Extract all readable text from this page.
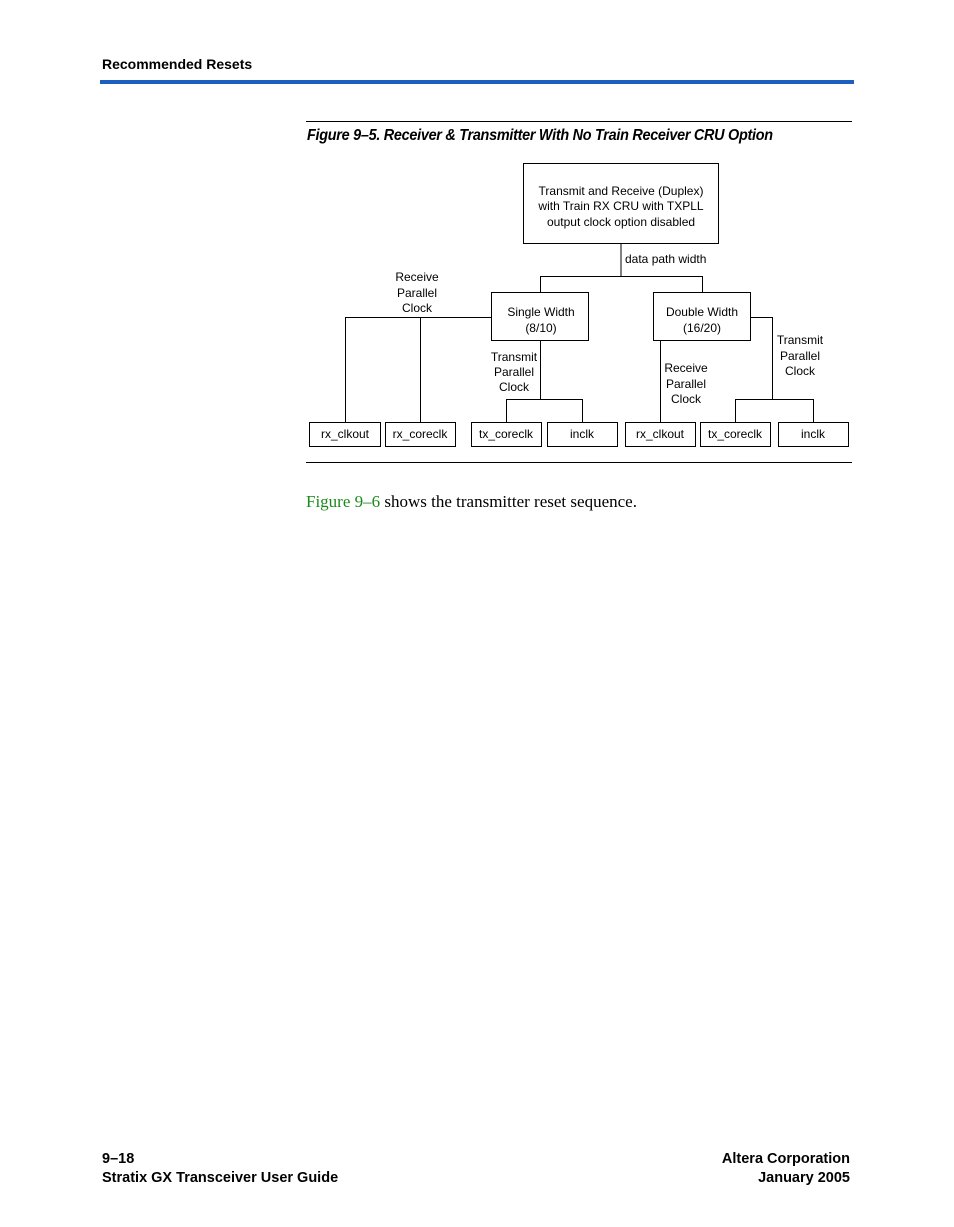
Recommended Resets
Figure 9–5. Receiver & Transmitter With No Train Receiver CRU Option
Transmit and Receive (Duplex)
with Train RX CRU with TXPLL
output clock option disabled
data path width
Single Width
(8/10)
Double Width
(16/20)
Receive
Parallel
Clock
Transmit
Parallel
Clock
Receive
Parallel
Clock
Transmit
Parallel
Clock
rx_clkout rx_coreclk	tx_coreclk	inclk	rx_clkout tx_coreclk	inclk
Figure 9–6 shows the transmitter reset sequence.
9–18
Stratix GX Transceiver User Guide
Altera Corporation
January 2005
